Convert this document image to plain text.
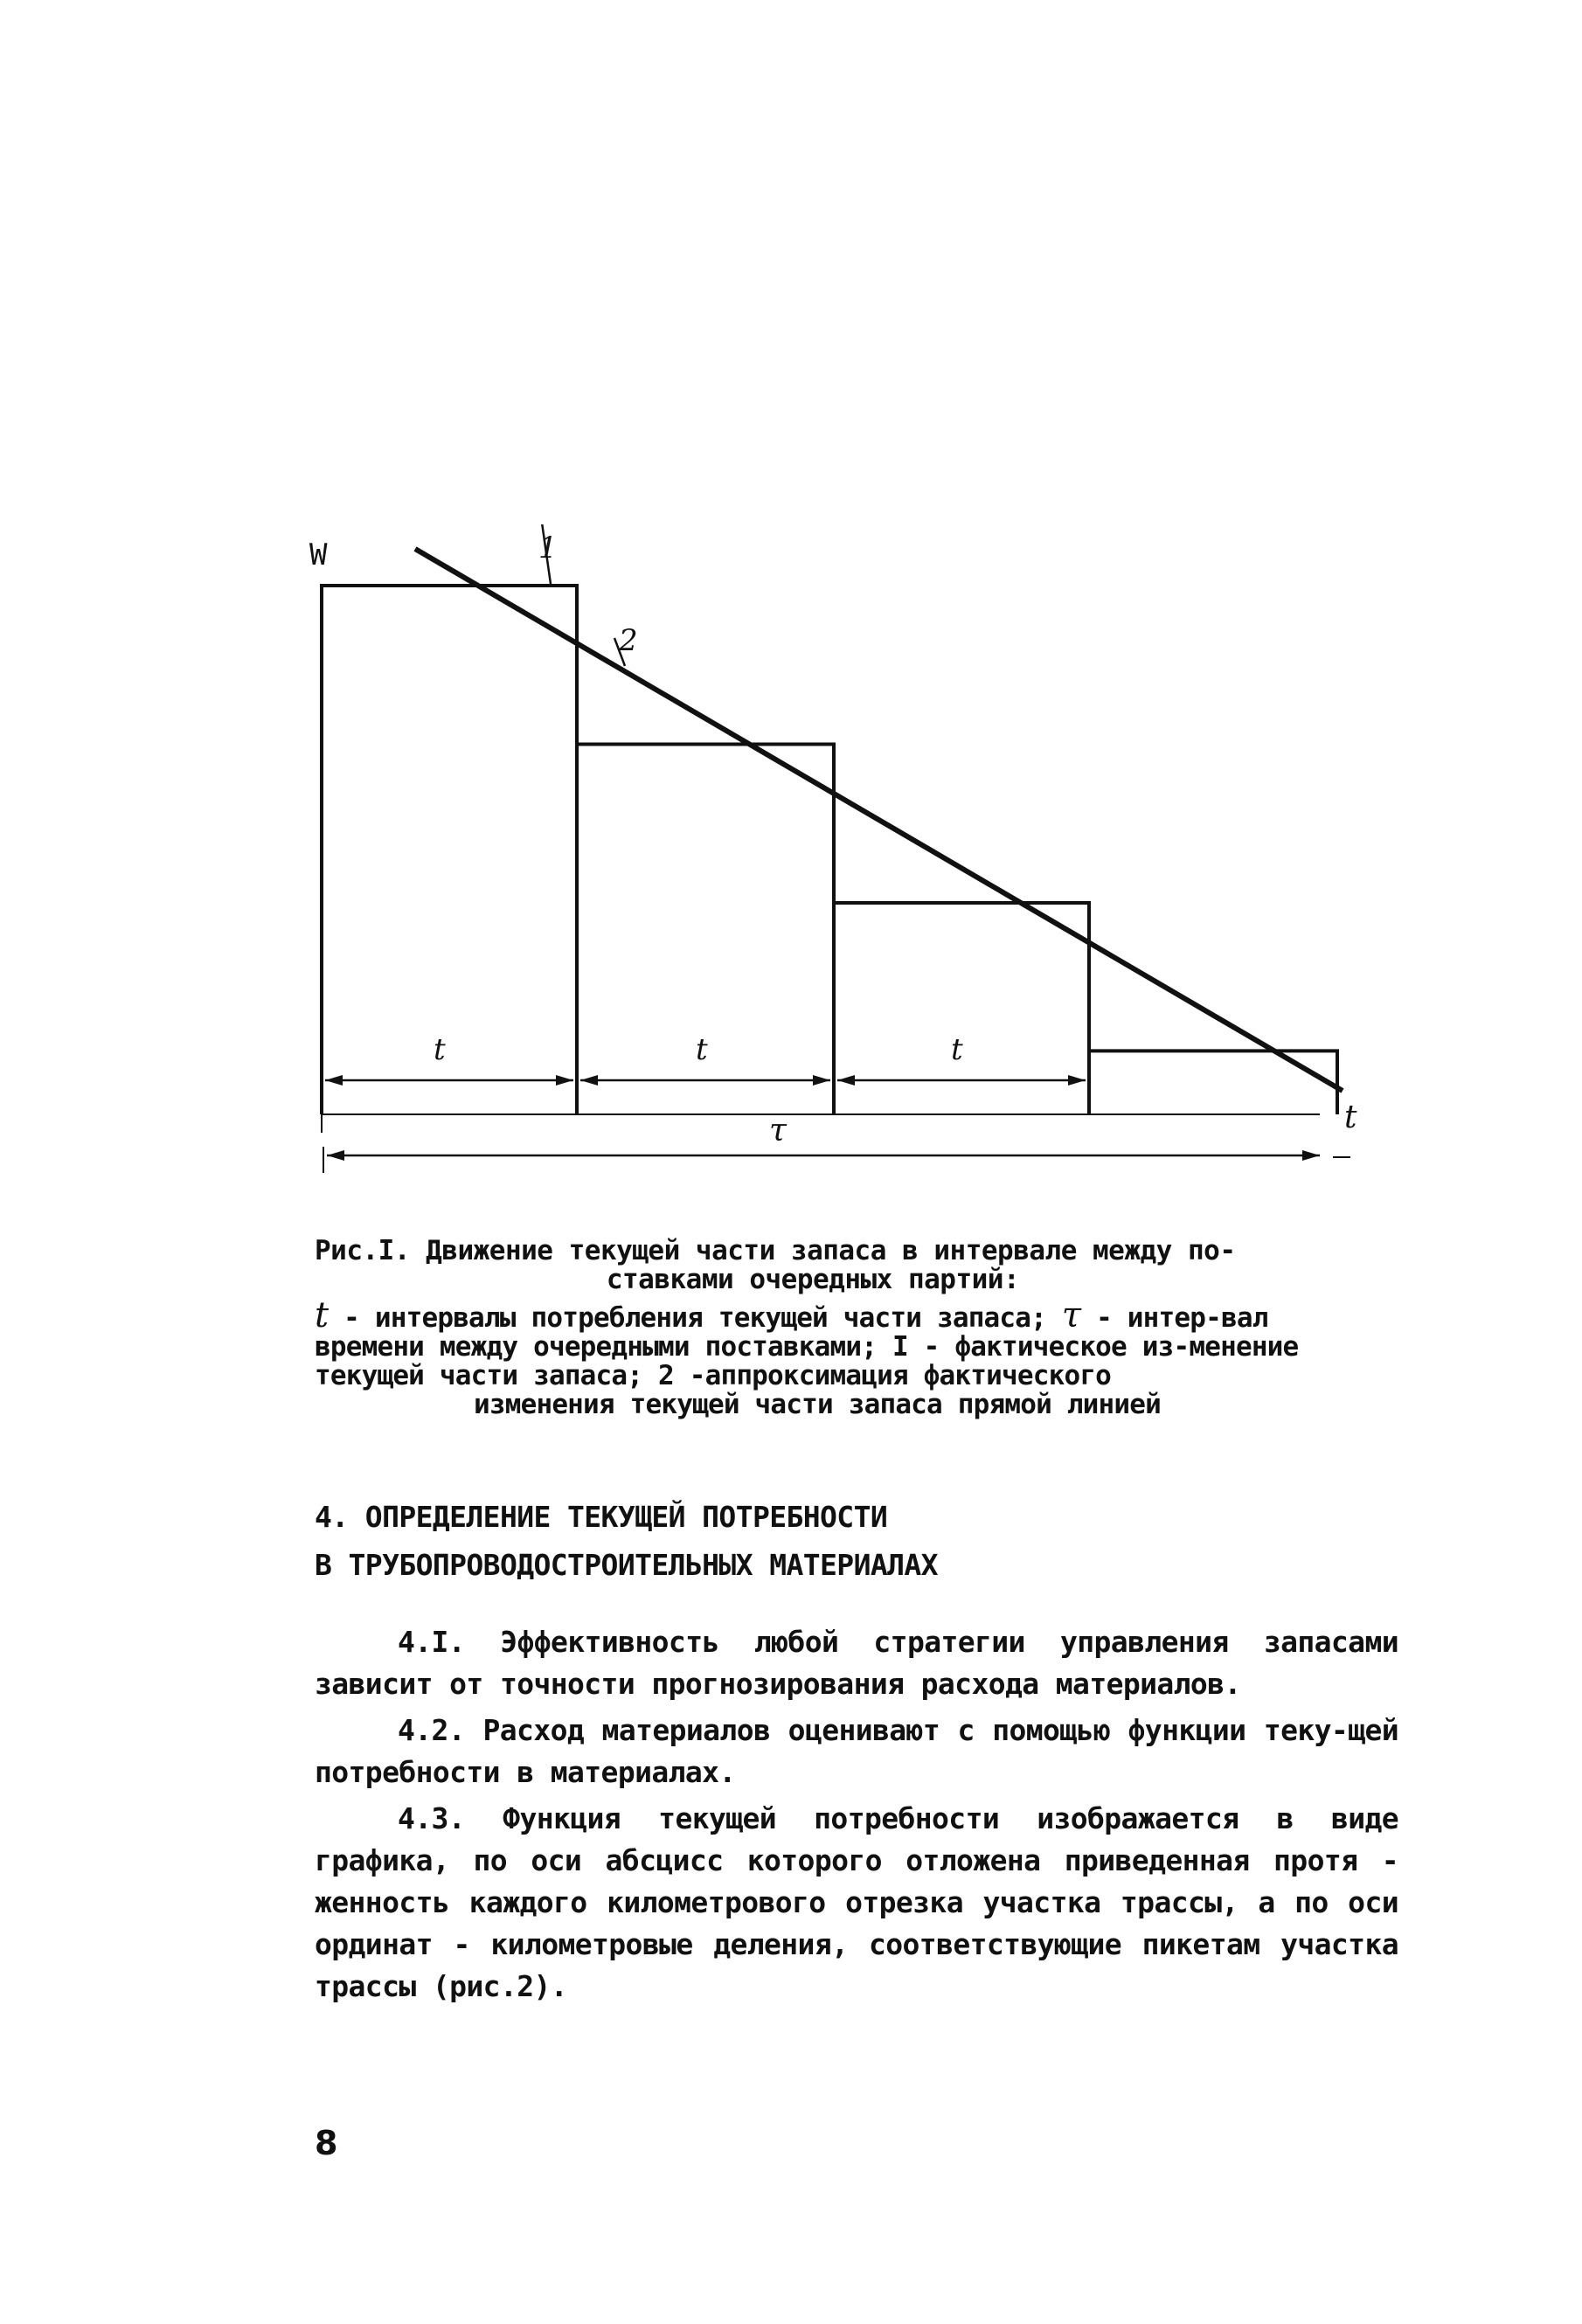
W	1
2
t	t	t
t
τ
Рис.I. Движение текущей части запаса в интервале между по-
ставками очередных партий:
t - интервалы потребления текущей части запаса; τ - интер-вал времени между очередными поставками; I - фактическое из-менение текущей части запаса; 2 -аппроксимация фактического
изменения текущей части запаса прямой линией
4. ОПРЕДЕЛЕНИЕ ТЕКУЩЕЙ ПОТРЕБНОСТИ
В ТРУБОПРОВОДОСТРОИТЕЛЬНЫХ МАТЕРИАЛАХ

4.I. Эффективность любой стратегии управления запасами зависит от точности прогнозирования расхода материалов.

4.2. Расход материалов оценивают с помощью функции теку-щей потребности в материалах.

4.3. Функция текущей потребности изображается в виде графика, по оси абсцисс которого отложена приведенная протя - женность каждого километрового отрезка участка трассы, а по оси ординат - километровые деления, соответствующие пикетам участка трассы (рис.2).

8
